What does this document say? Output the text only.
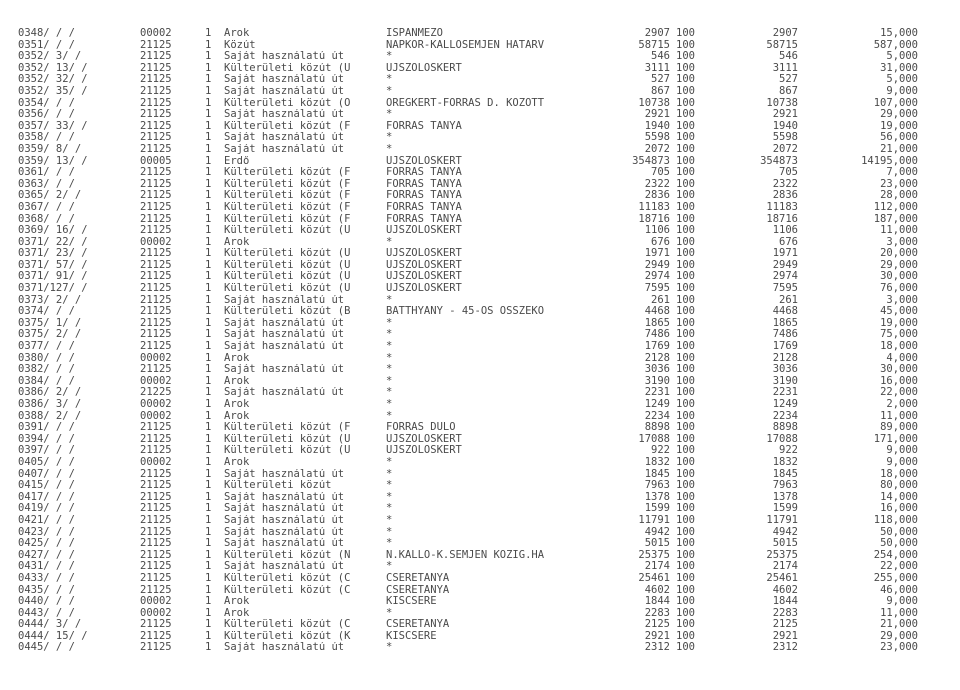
0348/ / /	00002	1 Árok	ISPÁNMEZŐ	2907 100	2907	15,000
0351/ / /	21125	1 Közút	NAPKOR-KÁLLÓSEMJÉN HATÁRV	58715 100	58715	587,000
0352/ 3/ /	21125	1 Saját használatú út	*	546 100	546	5,000
0352/ 13/ /	21125	1 Külterületi közút (Ü	ÚJSZŐLŐSKERT	3111 100	3111	31,000
0352/ 32/ /	21125	1 Saját használatú út	*	527 100	527	5,000
0352/ 35/ /	21125	1 Saját használatú út	*	867 100	867	9,000
0354/ / /	21125	1 Külterületi közút (Ö	ÖREGKERT-FORRÁS D. KÖZÖTT	10738 100	10738	107,000
0356/ / /	21125	1 Saját használatú út	*	2921 100	2921	29,000
0357/ 33/ /	21125	1 Külterületi közút (F	FORRÁS TANYA	1940 100	1940	19,000
0358/ / /	21125	1 Saját használatú út	*	5598 100	5598	56,000
0359/ 8/ /	21125	1 Saját használatú út	*	2072 100	2072	21,000
0359/ 13/ /	00005	1 Erdő	ÚJSZŐLŐSKERT	354873 100	354873	14195,000
0361/ / /	21125	1 Külterületi közút (F	FORRÁS TANYA	705 100	705	7,000
0363/ / /	21125	1 Külterületi közút (F	FORRÁS TANYA	2322 100	2322	23,000
0365/ 2/ /	21125	1 Külterületi közút (F	FORRÁS TANYA	2836 100	2836	28,000
0367/ / /	21125	1 Külterületi közút (F	FORRÁS TANYA	11183 100	11183	112,000
0368/ / /	21125	1 Külterületi közút (F	FORRÁS TANYA	18716 100	18716	187,000
0369/ 16/ /	21125	1 Külterületi közút (Ü	ÚJSZŐLŐSKERT	1106 100	1106	11,000
0371/ 22/ /	00002	1 Árok	*	676 100	676	3,000
0371/ 23/ /	21125	1 Külterületi közút (Ü	ÚJSZŐLŐSKERT	1971 100	1971	20,000
0371/ 57/ /	21125	1 Külterületi közút (Ü	ÚJSZŐLŐSKERT	2949 100	2949	29,000
0371/ 91/ /	21125	1 Külterületi közút (Ü	ÚJSZŐLŐSKERT	2974 100	2974	30,000
0371/127/ /	21125	1 Külterületi közút (Ü	ÚJSZŐLŐSKERT	7595 100	7595	76,000
0373/ 2/ /	21125	1 Saját használatú út	*	261 100	261	3,000
0374/ / /	21125	1 Külterületi közút (B	BATTHYÁNY - 45-ÖS ÖSSZEKÖ	4468 100	4468	45,000
0375/ 1/ /	21125	1 Saját használatú út	*	1865 100	1865	19,000
0375/ 2/ /	21125	1 Saját használatú út	*	7486 100	7486	75,000
0377/ / /	21125	1 Saját használatú út	*	1769 100	1769	18,000
0380/ / /	00002	1 Árok	*	2128 100	2128	4,000
0382/ / /	21125	1 Saját használatú út	*	3036 100	3036	30,000
0384/ / /	00002	1 Árok	*	3190 100	3190	16,000
0386/ 2/ /	21225	1 Saját használatú út	*	2231 100	2231	22,000
0386/ 3/ /	00002	1 Árok	*	1249 100	1249	2,000
0388/ 2/ /	00002	1 Árok	*	2234 100	2234	11,000
0391/ / /	21125	1 Külterületi közút (F	FORRÁS DŰLŐ	8898 100	8898	89,000
0394/ / /	21125	1 Külterületi közút (Ü	ÚJSZŐLŐSKERT	17088 100	17088	171,000
0397/ / /	21125	1 Külterületi közút (Ü	ÚJSZŐLŐSKERT	922 100	922	9,000
0405/ / /	00002	1 Árok	*	1832 100	1832	9,000
0407/ / /	21125	1 Saját használatú út	*	1845 100	1845	18,000
0415/ / /	21125	1 Külterületi közút	*	7963 100	7963	80,000
0417/ / /	21125	1 Saját használatú út	*	1378 100	1378	14,000
0419/ / /	21125	1 Saját használatú út	*	1599 100	1599	16,000
0421/ / /	21125	1 Saját használatú út	*	11791 100	11791	118,000
0423/ / /	21125	1 Saját használatú út	*	4942 100	4942	50,000
0425/ / /	21125	1 Saját használatú út	*	5015 100	5015	50,000
0427/ / /	21125	1 Külterületi közút (N	N.KÁLLÓ-K.SEMJÉN KÖZIG.HA	25375 100	25375	254,000
0431/ / /	21125	1 Saját használatú út	*	2174 100	2174	22,000
0433/ / /	21125	1 Külterületi közút (C	CSERETANYA	25461 100	25461	255,000
0435/ / /	21125	1 Külterületi közút (C	CSERETANYA	4602 100	4602	46,000
0440/ / /	00002	1 Árok	KISCSERE	1844 100	1844	9,000
0443/ / /	00002	1 Árok	*	2283 100	2283	11,000
0444/ 3/ /	21125	1 Külterületi közút (C	CSERETANYA	2125 100	2125	21,000
0444/ 15/ /	21125	1 Külterületi közút (K	KISCSERE	2921 100	2921	29,000
0445/ / /	21125	1 Saját használatú út	*	2312 100	2312	23,000
